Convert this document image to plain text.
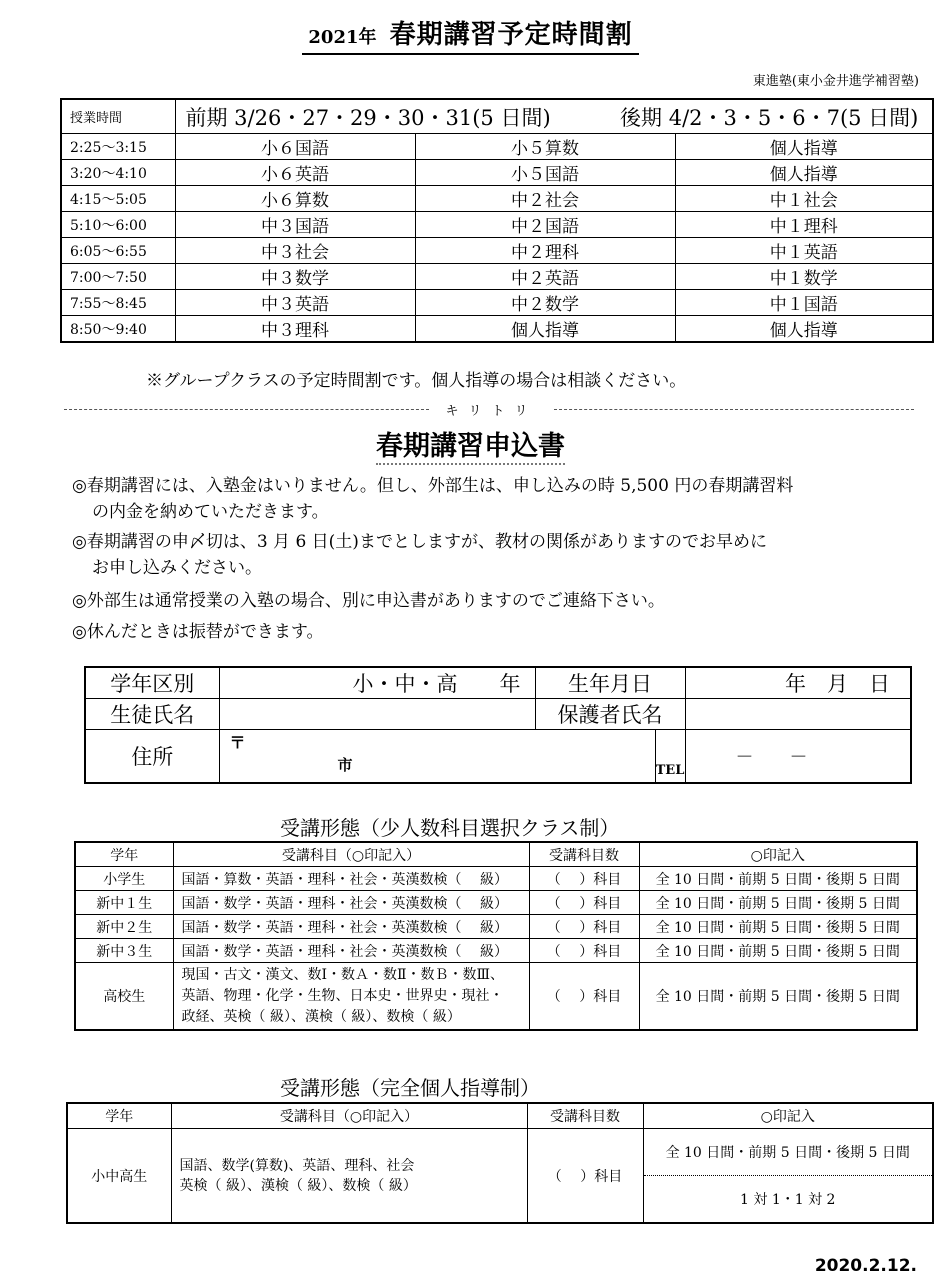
2021年 春期講習予定時間割
東進塾(東小金井進学補習塾)
授業時間	前期 3/26・27・29・30・31(5 日間) 後期 4/2・3・5・6・7(5 日間)		
2:25〜3:15	小６国語	小５算数	個人指導
3:20〜4:10	小６英語	小５国語	個人指導
4:15〜5:05	小６算数	中２社会	中１社会
5:10〜6:00	中３国語	中２国語	中１理科
6:05〜6:55	中３社会	中２理科	中１英語
7:00〜7:50	中３数学	中２英語	中１数学
7:55〜8:45	中３英語	中２数学	中１国語
8:50〜9:40	中３理科	個人指導	個人指導
※グループクラスの予定時間割です。個人指導の場合は相談ください。
キリトリ
春期講習申込書
◎春期講習には、入塾金はいりません。但し、外部生は、申し込みの時 5,500 円の春期講習料
の内金を納めていただきます。
◎春期講習の申〆切は、3 月 6 日(土)までとしますが、教材の関係がありますのでお早めに
お申し込みください。
◎外部生は通常授業の入塾の場合、別に申込書がありますのでご連絡下さい。
◎休んだときは振替ができます。
学年区別	小・中・高　　年	生年月日		年　月　日
生徒氏名		保護者氏名		
住所	〒
市		TEL	－　　－
受講形態（少人数科目選択クラス制）
学年	受講科目（○印記入）	受講科目数	○印記入
小学生	国語・算数・英語・理科・社会・英漢数検（　 級）	（　 ）科目	全 10 日間・前期 5 日間・後期 5 日間
新中１生	国語・数学・英語・理科・社会・英漢数検（　 級）	（　 ）科目	全 10 日間・前期 5 日間・後期 5 日間
新中２生	国語・数学・英語・理科・社会・英漢数検（　 級）	（　 ）科目	全 10 日間・前期 5 日間・後期 5 日間
新中３生	国語・数学・英語・理科・社会・英漢数検（　 級）	（　 ）科目	全 10 日間・前期 5 日間・後期 5 日間
高校生	現国・古文・漢文、数Ⅰ・数Ａ・数Ⅱ・数Ｂ・数Ⅲ、
英語、物理・化学・生物、日本史・世界史・現社・
政経、英検（ 級）、漢検（ 級）、数検（ 級）	（　 ）科目	全 10 日間・前期 5 日間・後期 5 日間
受講形態（完全個人指導制）
学年	受講科目（○印記入）	受講科目数	○印記入
小中高生	国語、数学(算数)、英語、理科、社会
英検（ 級）、漢検（ 級）、数検（ 級）	（　 ）科目	全 10 日間・前期 5 日間・後期 5 日間
			1 対 1・1 対 2
2020.2.12.
